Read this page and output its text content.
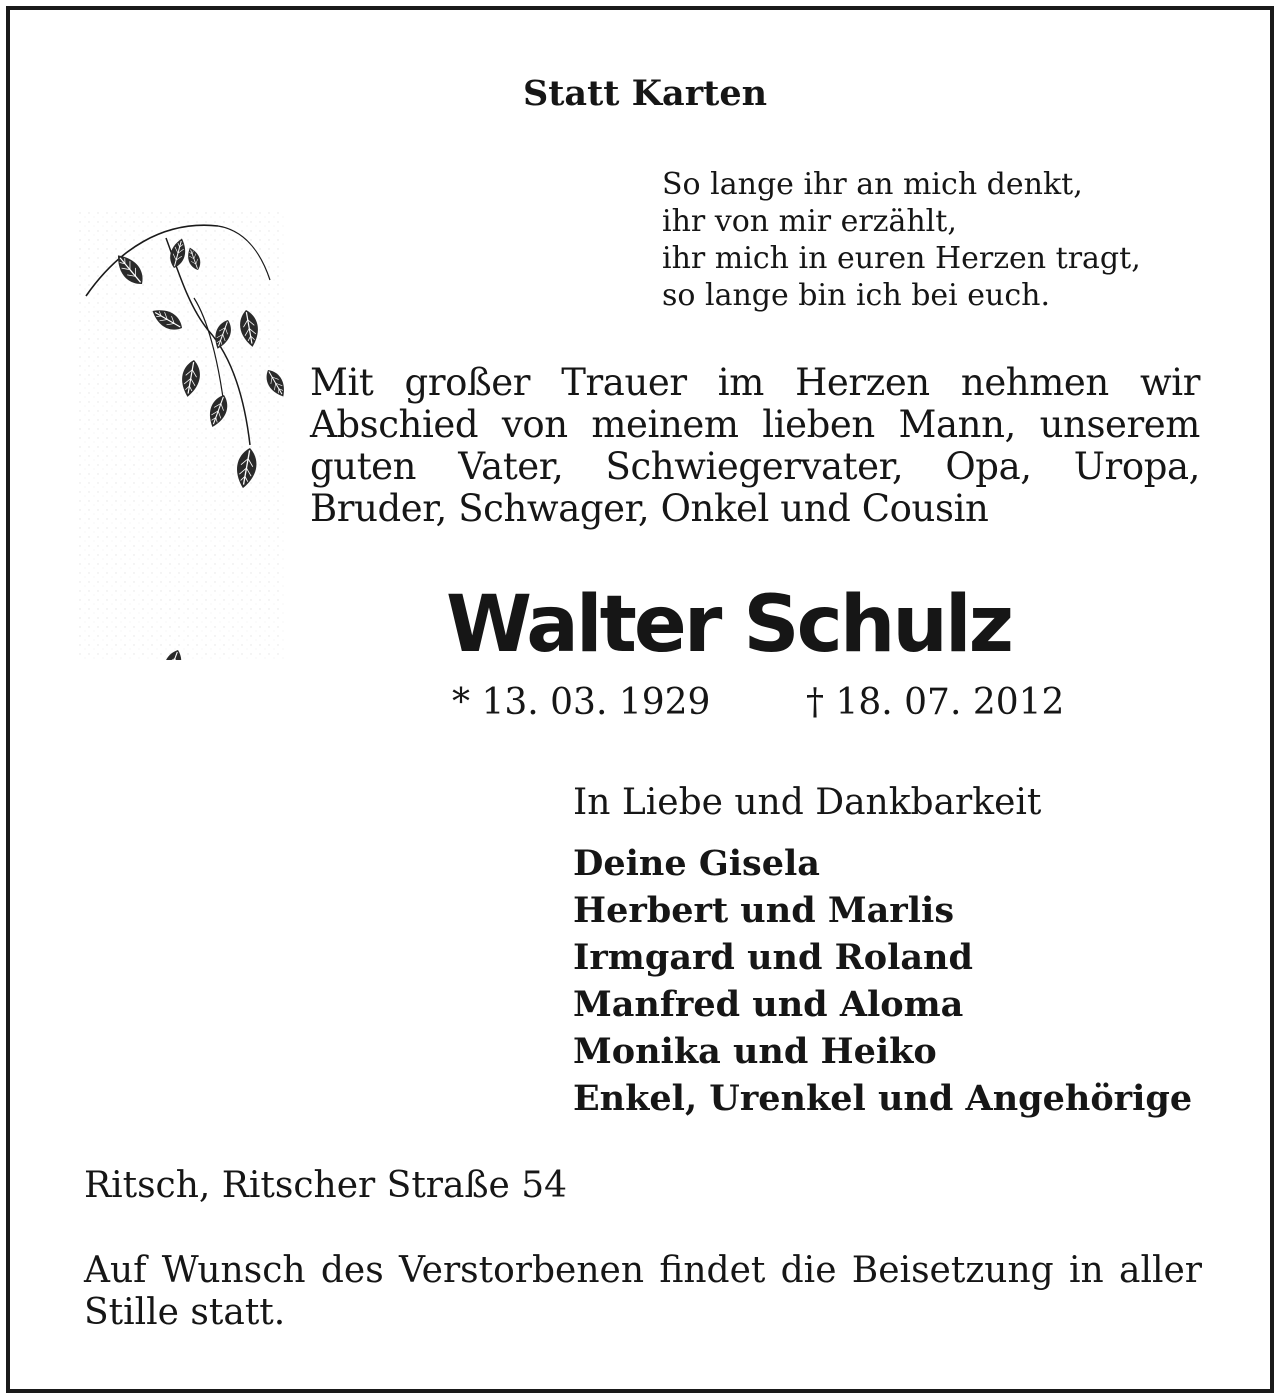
Statt Karten

So lange ihr an mich denkt,
ihr von mir erzählt,
ihr mich in euren Herzen tragt,
so lange bin ich bei euch.

Mit großer Trauer im Herzen nehmen wir Abschied von meinem lieben Mann, unserem guten Vater, Schwiegervater, Opa, Uropa, Bruder, Schwager, Onkel und Cousin

Walter Schulz

* 13. 03. 1929	† 18. 07. 2012

In Liebe und Dankbarkeit

Deine Gisela
Herbert und Marlis
Irmgard und Roland
Manfred und Aloma
Monika und Heiko
Enkel, Urenkel und Angehörige

Ritsch, Ritscher Straße 54

Auf Wunsch des Verstorbenen findet die Beisetzung in aller Stille statt.
